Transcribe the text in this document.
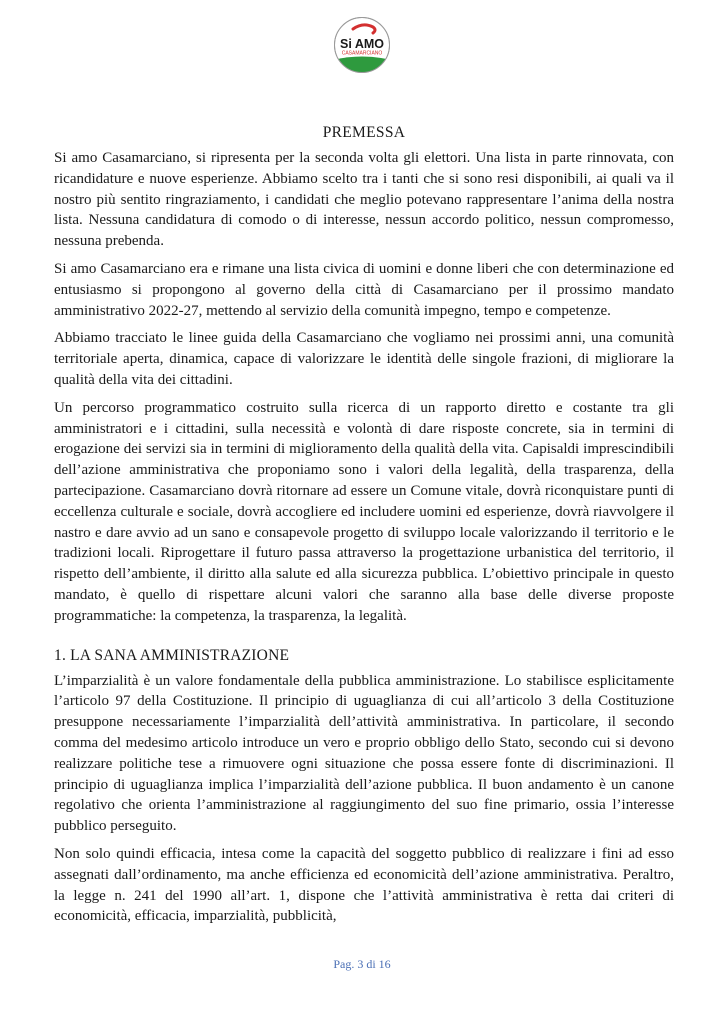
Si AMO
CASAMARCIANO
PREMESSA

Si amo Casamarciano, si ripresenta per la seconda volta gli elettori. Una lista in parte rinnovata, con ricandidature e nuove esperienze. Abbiamo scelto tra i tanti che si sono resi disponibili, ai quali va il nostro più sentito ringraziamento, i candidati che meglio potevano rappresentare l’anima della nostra lista. Nessuna candidatura di comodo o di interesse, nessun accordo politico, nessun compromesso, nessuna prebenda.

Si amo Casamarciano era e rimane una lista civica di uomini e donne liberi che con determinazione ed entusiasmo si propongono al governo della città di Casamarciano per il prossimo mandato amministrativo 2022-27, mettendo al servizio della comunità impegno, tempo e competenze.

Abbiamo tracciato le linee guida della Casamarciano che vogliamo nei prossimi anni, una comunità territoriale aperta, dinamica, capace di valorizzare le identità delle singole frazioni, di migliorare la qualità della vita dei cittadini.

Un percorso programmatico costruito sulla ricerca di un rapporto diretto e costante tra gli amministratori e i cittadini, sulla necessità e volontà di dare risposte concrete, sia in termini di erogazione dei servizi sia in termini di miglioramento della qualità della vita. Capisaldi imprescindibili dell’azione amministrativa che proponiamo sono i valori della legalità, della trasparenza, della partecipazione. Casamarciano dovrà ritornare ad essere un Comune vitale, dovrà riconquistare punti di eccellenza culturale e sociale, dovrà accogliere ed includere uomini ed esperienze, dovrà riavvolgere il nastro e dare avvio ad un sano e consapevole progetto di sviluppo locale valorizzando il territorio e le tradizioni locali. Riprogettare il futuro passa attraverso la progettazione urbanistica del territorio, il rispetto dell’ambiente, il diritto alla salute ed alla sicurezza pubblica. L’obiettivo principale in questo mandato, è quello di rispettare alcuni valori che saranno alla base delle diverse proposte programmatiche: la competenza, la trasparenza, la legalità.

1. LA SANA AMMINISTRAZIONE

L’imparzialità è un valore fondamentale della pubblica amministrazione. Lo stabilisce esplicitamente l’articolo 97 della Costituzione. Il principio di uguaglianza di cui all’articolo 3 della Costituzione presuppone necessariamente l’imparzialità dell’attività amministrativa. In particolare, il secondo comma del medesimo articolo introduce un vero e proprio obbligo dello Stato, secondo cui si devono realizzare politiche tese a rimuovere ogni situazione che possa essere fonte di discriminazioni. Il principio di uguaglianza implica l’imparzialità dell’azione pubblica. Il buon andamento è un canone regolativo che orienta l’amministrazione al raggiungimento del suo fine primario, ossia l’interesse pubblico perseguito.

Non solo quindi efficacia, intesa come la capacità del soggetto pubblico di realizzare i fini ad esso assegnati dall’ordinamento, ma anche efficienza ed economicità dell’azione amministrativa. Peraltro, la legge n. 241 del 1990 all’art. 1, dispone che l’attività amministrativa è retta dai criteri di economicità, efficacia, imparzialità, pubblicità,

Pag. 3 di 16
